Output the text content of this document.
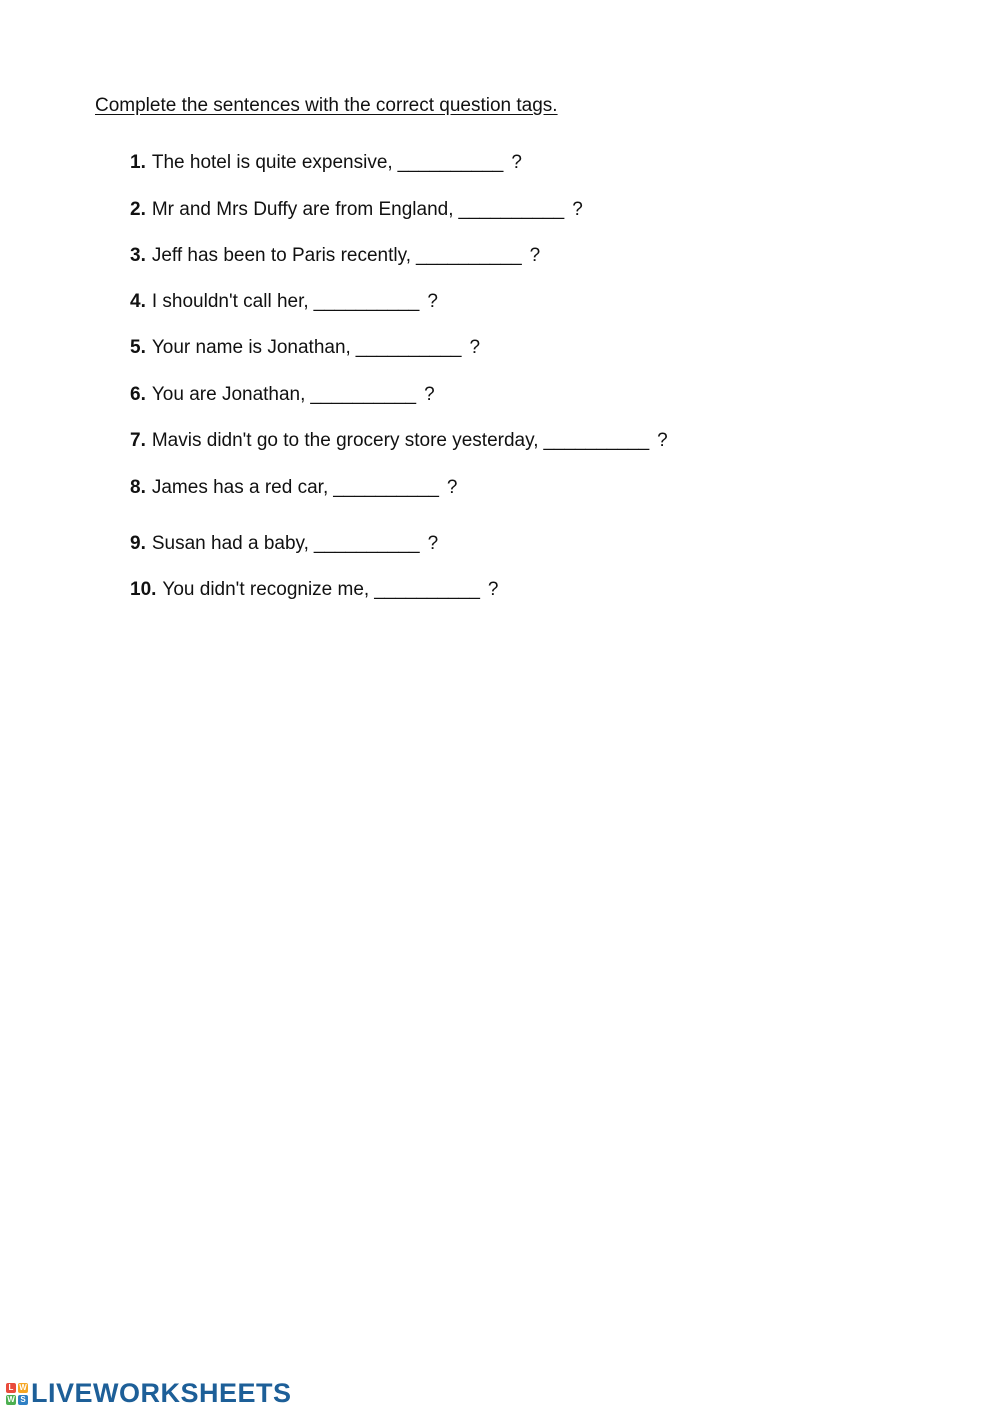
Complete the sentences with the correct question tags.
1. The hotel is quite expensive, __________ ?
2. Mr and Mrs Duffy are from England, __________ ?
3. Jeff has been to Paris recently, __________ ?
4. I shouldn't call her, __________ ?
5. Your name is Jonathan, __________ ?
6. You are Jonathan, __________ ?
7. Mavis didn't go to the grocery store yesterday, __________ ?
8. James has a red car, __________ ?
9. Susan had a baby, __________ ?
10. You didn't recognize me, __________ ?
L W
W S LIVEWORKSHEETS
